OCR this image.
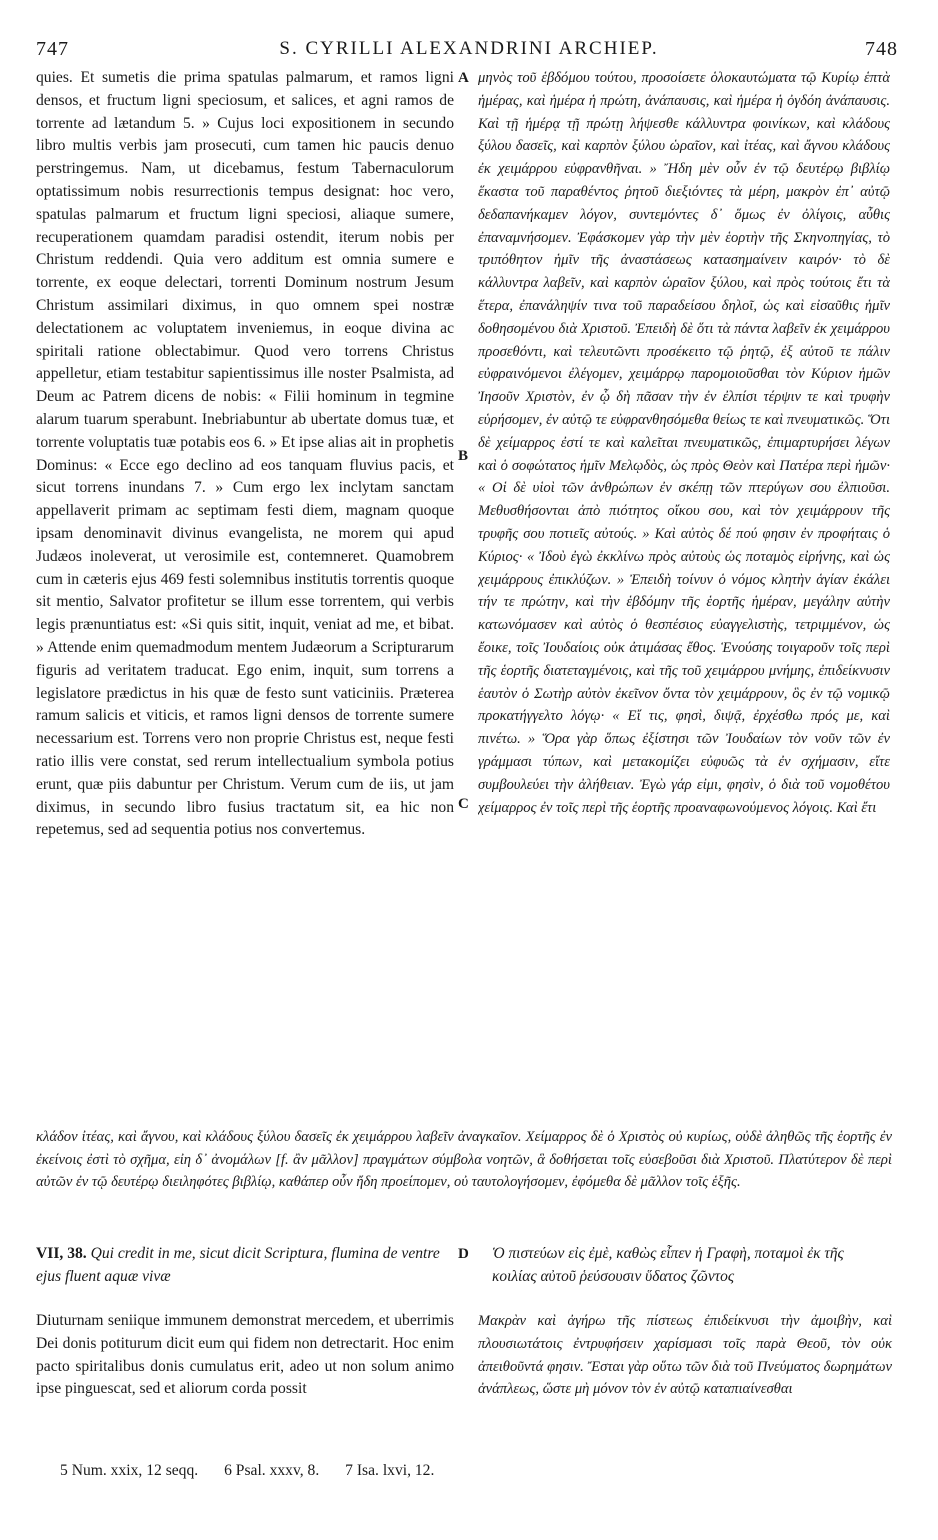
747	S. CYRILLI ALEXANDRINI ARCHIEP.	748
quies. Et sumetis die prima spatulas palmarum, et ramos ligni densos, et fructum ligni speciosum, et salices, et agni ramos de torrente ad lætandum 5. » Cujus loci expositionem in secundo libro multis verbis jam prosecuti, cum tamen hic paucis denuo perstringemus. Nam, ut dicebamus, festum Tabernaculorum optatissimum nobis resurrectionis tempus designat: hoc vero, spatulas palmarum et fructum ligni speciosi, aliaque sumere, recuperationem quamdam paradisi ostendit, iterum nobis per Christum reddendi. Quia vero additum est omnia sumere e torrente, ex eoque delectari, torrenti Dominum nostrum Jesum Christum assimilari diximus, in quo omnem spei nostræ delectationem ac voluptatem inveniemus, in eoque divina ac spiritali ratione oblectabimur. Quod vero torrens Christus appelletur, etiam testabitur sapientissimus ille noster Psalmista, ad Deum ac Patrem dicens de nobis: « Filii hominum in tegmine alarum tuarum sperabunt. Inebriabuntur ab ubertate domus tuæ, et torrente voluptatis tuæ potabis eos 6. » Et ipse alias ait in prophetis Dominus: « Ecce ego declino ad eos tanquam fluvius pacis, et sicut torrens inundans 7. » Cum ergo lex inclytam sanctam appellaverit primam ac septimam festi diem, magnam quoque ipsam denominavit divinus evangelista, ne morem qui apud Judæos inoleverat, ut verosimile est, contemneret. Quamobrem cum in cæteris ejus 469 festi solemnibus institutis torrentis quoque sit mentio, Salvator profitetur se illum esse torrentem, qui verbis legis prænuntiatus est: «Si quis sitit, inquit, veniat ad me, et bibat. » Attende enim quemadmodum mentem Judæorum a Scripturarum figuris ad veritatem traducat. Ego enim, inquit, sum torrens a legislatore prædictus in his quæ de festo sunt vaticiniis. Præterea ramum salicis et viticis, et ramos ligni densos de torrente sumere necessarium est. Torrens vero non proprie Christus est, neque festi ratio illis vere constat, sed rerum intellectualium symbola potius erunt, quæ piis dabuntur per Christum. Verum cum de iis, ut jam diximus, in secundo libro fusius tractatum sit, ea hic non repetemus, sed ad sequentia potius nos convertemus.
A
B
C
μηνὸς τοῦ ἑβδόμου τούτου, προσοίσετε ὁλοκαυτώματα τῷ Κυρίῳ ἑπτὰ ἡμέρας, καὶ ἡμέρα ἡ πρώτη, ἀνάπαυσις, καὶ ἡμέρα ἡ ὀγδόη ἀνάπαυσις. Καὶ τῇ ἡμέρᾳ τῇ πρώτῃ λήψεσθε κάλλυντρα φοινίκων, καὶ κλάδους ξύλου δασεῖς, καὶ καρπὸν ξύλου ὡραῖον, καὶ ἰτέας, καὶ ἄγνου κλάδους ἐκ χειμάρρου εὐφρανθῆναι. » Ἤδη μὲν οὖν ἐν τῷ δευτέρῳ βιβλίῳ ἕκαστα τοῦ παραθέντος ῥητοῦ διεξιόντες τὰ μέρη, μακρὸν ἐπ᾽ αὐτῷ δεδαπανήκαμεν λόγον, συντεμόντες δ᾽ ὅμως ἐν ὀλίγοις, αὖθις ἐπαναμνήσομεν. Ἐφάσκομεν γὰρ τὴν μὲν ἑορτὴν τῆς Σκηνοπηγίας, τὸ τριπόθητον ἡμῖν τῆς ἀναστάσεως κατασημαίνειν καιρόν· τὸ δὲ κάλλυντρα λαβεῖν, καὶ καρπὸν ὡραῖον ξύλου, καὶ πρὸς τούτοις ἔτι τὰ ἕτερα, ἐπανάληψίν τινα τοῦ παραδείσου δηλοῖ, ὡς καὶ εἰσαῦθις ἡμῖν δοθησομένου διὰ Χριστοῦ. Ἐπειδὴ δὲ ὅτι τὰ πάντα λαβεῖν ἐκ χειμάρρου προσεθόντι, καὶ τελευτῶντι προσέκειτο τῷ ῥητῷ, ἐξ αὐτοῦ τε πάλιν εὐφραινόμενοι ἐλέγομεν, χειμάρρῳ παρομοιοῦσθαι τὸν Κύριον ἡμῶν Ἰησοῦν Χριστὸν, ἐν ᾧ δὴ πᾶσαν τὴν ἐν ἐλπίσι τέρψιν τε καὶ τρυφὴν εὑρήσομεν, ἐν αὐτῷ τε εὐφρανθησόμεθα θείως τε καὶ πνευματικῶς. Ὅτι δὲ χείμαρρος ἐστί τε καὶ καλεῖται πνευματικῶς, ἐπιμαρτυρήσει λέγων καὶ ὁ σοφώτατος ἡμῖν Μελῳδὸς, ὡς πρὸς Θεὸν καὶ Πατέρα περὶ ἡμῶν· « Οἱ δὲ υἱοὶ τῶν ἀνθρώπων ἐν σκέπῃ τῶν πτερύγων σου ἐλπιοῦσι. Μεθυσθήσονται ἀπὸ πιότητος οἴκου σου, καὶ τὸν χειμάρρουν τῆς τρυφῆς σου ποτιεῖς αὐτούς. » Καὶ αὐτὸς δέ πού φησιν ἐν προφήταις ὁ Κύριος· « Ἰδοὺ ἐγὼ ἐκκλίνω πρὸς αὐτοὺς ὡς ποταμὸς εἰρήνης, καὶ ὡς χειμάρρους ἐπικλύζων. » Ἐπειδὴ τοίνυν ὁ νόμος κλητὴν ἁγίαν ἐκάλει τήν τε πρώτην, καὶ τὴν ἑβδόμην τῆς ἑορτῆς ἡμέραν, μεγάλην αὐτὴν κατωνόμασεν καὶ αὐτὸς ὁ θεσπέσιος εὐαγγελιστὴς, τετριμμένον, ὡς ἔοικε, τοῖς Ἰουδαίοις οὐκ ἀτιμάσας ἔθος. Ἑνούσης τοιγαροῦν τοῖς περὶ τῆς ἑορτῆς διατεταγμένοις, καὶ τῆς τοῦ χειμάρρου μνήμης, ἐπιδείκνυσιν ἑαυτὸν ὁ Σωτὴρ αὐτὸν ἐκεῖνον ὄντα τὸν χειμάρρουν, ὃς ἐν τῷ νομικῷ προκατήγγελτο λόγῳ· « Εἴ τις, φησὶ, διψᾷ, ἐρχέσθω πρός με, καὶ πινέτω. » Ὅρα γὰρ ὅπως ἐξίστησι τῶν Ἰουδαίων τὸν νοῦν τῶν ἐν γράμμασι τύπων, καὶ μετακομίζει εὐφυῶς τὰ ἐν σχήμασιν, εἴτε συμβουλεύει τὴν ἀλήθειαν. Ἐγὼ γάρ εἰμι, φησὶν, ὁ διὰ τοῦ νομοθέτου χείμαρρος ἐν τοῖς περὶ τῆς ἑορτῆς προαναφωνούμενος λόγοις. Καὶ ἔτι
κλάδον ἰτέας, καὶ ἄγνου, καὶ κλάδους ξύλου δασεῖς ἐκ χειμάρρου λαβεῖν ἀναγκαῖον. Χείμαρρος δὲ ὁ Χριστὸς οὐ κυρίως, οὐδὲ ἀληθῶς τῆς ἑορτῆς ἐν ἐκείνοις ἐστὶ τὸ σχῆμα, εἰη δ᾽ ἀνομάλων [f. ἂν μᾶλλον] πραγμάτων σύμβολα νοητῶν, ἃ δοθήσεται τοῖς εὐσεβοῦσι διὰ Χριστοῦ. Πλατύτερον δὲ περὶ αὐτῶν ἐν τῷ δευτέρῳ διειληφότες βιβλίῳ, καθάπερ οὖν ἤδη προείπομεν, οὐ ταυτολογήσομεν, ἐφόμεθα δὲ μᾶλλον τοῖς ἑξῆς.
VII, 38. Qui credit in me, sicut dicit Scriptura, flumina de ventre ejus fluent aquæ vivæ
Diuturnam seniique immunem demonstrat mercedem, et uberrimis Dei donis potiturum dicit eum qui fidem non detrectarit. Hoc enim pacto spiritalibus donis cumulatus erit, adeo ut non solum animo ipse pinguescat, sed et aliorum corda possit
D Ὁ πιστεύων εἰς ἐμὲ, καθὼς εἶπεν ἡ Γραφὴ, ποταμοὶ ἐκ τῆς κοιλίας αὐτοῦ ῥεύσουσιν ὕδατος ζῶντος
Μακρὰν καὶ ἀγήρω τῆς πίστεως ἐπιδείκνυσι τὴν ἀμοιβὴν, καὶ πλουσιωτάτοις ἐντρυφήσειν χαρίσμασι τοῖς παρὰ Θεοῦ, τὸν οὐκ ἀπειθοῦντά φησιν. Ἔσται γὰρ οὕτω τῶν διὰ τοῦ Πνεύματος δωρημάτων ἀνάπλεως, ὥστε μὴ μόνον τὸν ἐν αὐτῷ καταπιαίνεσθαι
5 Num. xxix, 12 seqq. 6 Psal. xxxv, 8. 7 Isa. lxvi, 12.
